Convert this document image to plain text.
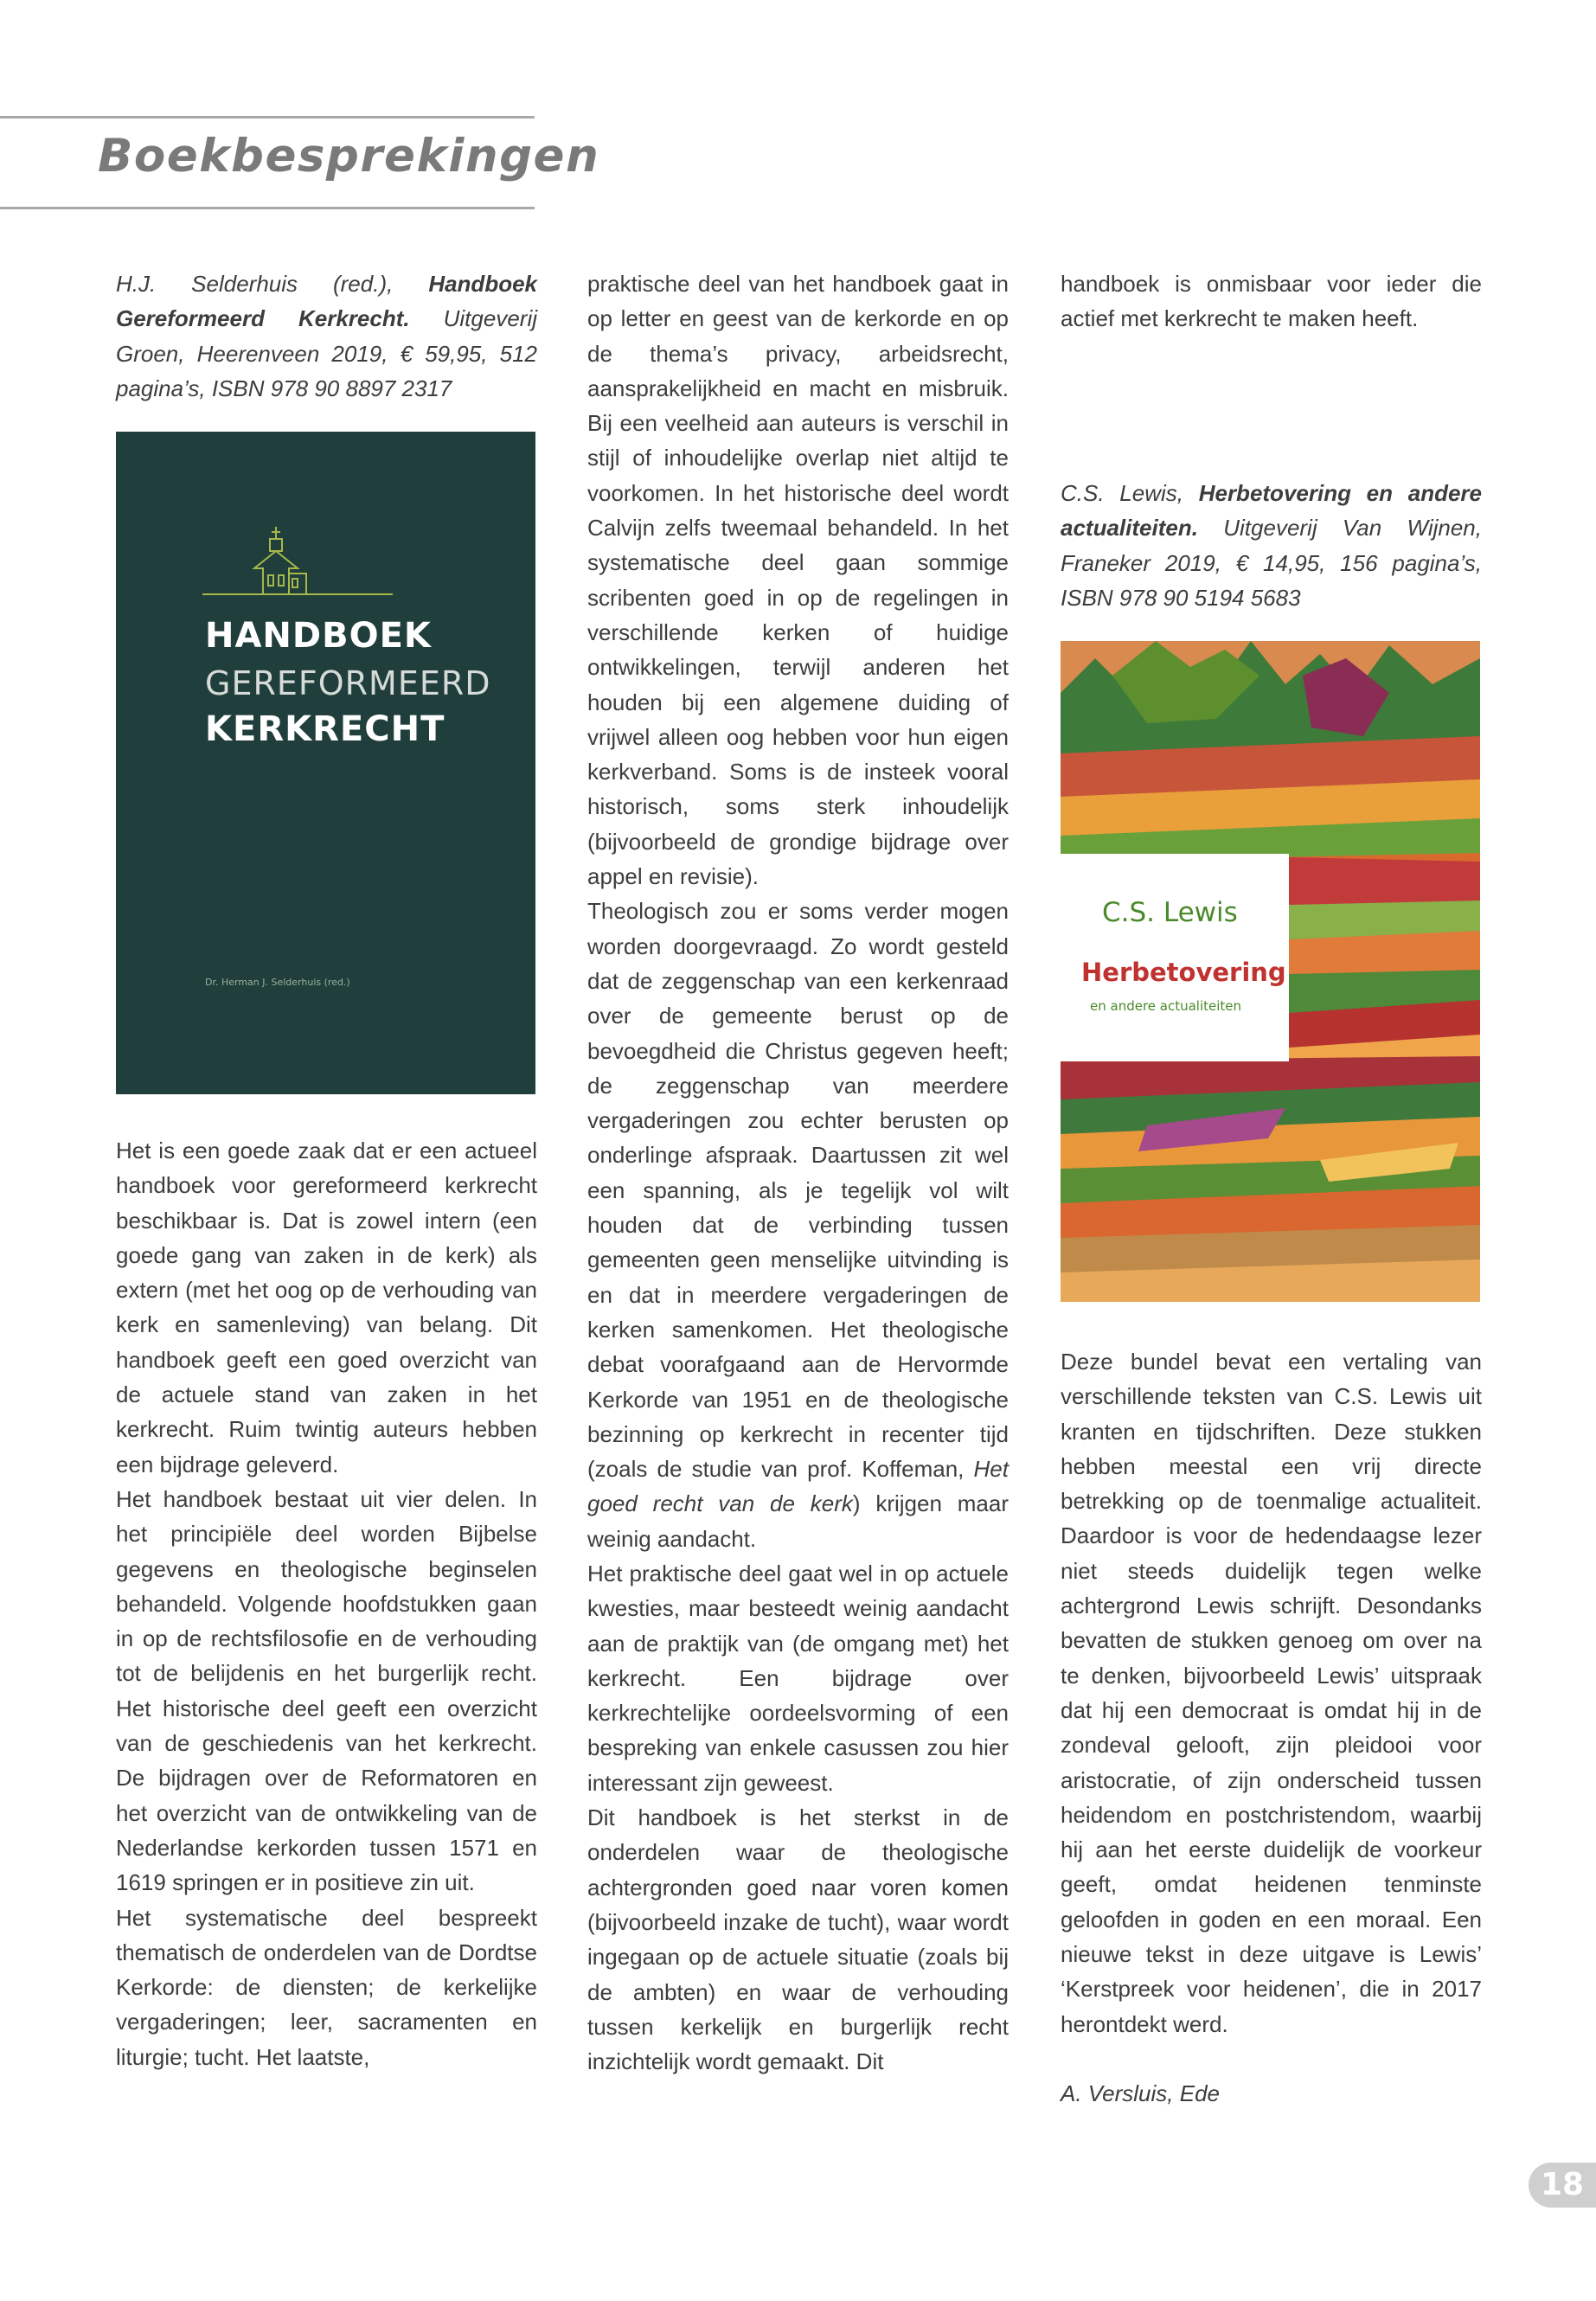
Boekbesprekingen

H.J. Selderhuis (red.), Handboek Gereformeerd Kerkrecht. Uitgeverij Groen, Heerenveen 2019, € 59,95, 512 pagina’s, ISBN 978 90 8897 2317

HANDBOEK
GEREFORMEERD
KERKRECHT
Dr. Herman J. Selderhuis (red.)

Het is een goede zaak dat er een actueel handboek voor gereformeerd kerkrecht beschikbaar is. Dat is zowel intern (een goede gang van zaken in de kerk) als extern (met het oog op de verhouding van kerk en samenleving) van belang. Dit handboek geeft een goed overzicht van de actuele stand van zaken in het kerkrecht. Ruim twintig auteurs hebben een bijdrage geleverd.

Het handboek bestaat uit vier delen. In het principiële deel worden Bijbelse gegevens en theologische beginselen behandeld. Volgende hoofdstukken gaan in op de rechtsfilosofie en de verhouding tot de belijdenis en het burgerlijk recht. Het historische deel geeft een overzicht van de geschiedenis van het kerkrecht. De bijdragen over de Reformatoren en het overzicht van de ontwikkeling van de Nederlandse kerkorden tussen 1571 en 1619 springen er in positieve zin uit.

Het systematische deel bespreekt thematisch de onderdelen van de Dordtse Kerkorde: de diensten; de kerkelijke vergaderingen; leer, sacramenten en liturgie; tucht. Het laatste,

praktische deel van het handboek gaat in op letter en geest van de kerkorde en op de thema’s privacy, arbeidsrecht, aansprakelijkheid en macht en misbruik. Bij een veelheid aan auteurs is verschil in stijl of inhoudelijke overlap niet altijd te voorkomen. In het historische deel wordt Calvijn zelfs tweemaal behandeld. In het systematische deel gaan sommige scribenten goed in op de regelingen in verschillende kerken of huidige ontwikkelingen, terwijl anderen het houden bij een algemene duiding of vrijwel alleen oog hebben voor hun eigen kerkverband. Soms is de insteek vooral historisch, soms sterk inhoudelijk (bijvoorbeeld de grondige bijdrage over appel en revisie).

Theologisch zou er soms verder mogen worden doorgevraagd. Zo wordt gesteld dat de zeggenschap van een kerkenraad over de gemeente berust op de bevoegdheid die Christus gegeven heeft; de zeggenschap van meerdere vergaderingen zou echter berusten op onderlinge afspraak. Daartussen zit wel een spanning, als je tegelijk vol wilt houden dat de verbinding tussen gemeenten geen menselijke uitvinding is en dat in meerdere vergaderingen de kerken samenkomen. Het theologische debat voorafgaand aan de Hervormde Kerkorde van 1951 en de theologische bezinning op kerkrecht in recenter tijd (zoals de studie van prof. Koffeman, Het goed recht van de kerk) krijgen maar weinig aandacht.

Het praktische deel gaat wel in op actuele kwesties, maar besteedt weinig aandacht aan de praktijk van (de omgang met) het kerkrecht. Een bijdrage over kerkrechtelijke oordeelsvorming of een bespreking van enkele casussen zou hier interessant zijn geweest.

Dit handboek is het sterkst in de onderdelen waar de theologische achtergronden goed naar voren komen (bijvoorbeeld inzake de tucht), waar wordt ingegaan op de actuele situatie (zoals bij de ambten) en waar de verhouding tussen kerkelijk en burgerlijk recht inzichtelijk wordt gemaakt. Dit

handboek is onmisbaar voor ieder die actief met kerkrecht te maken heeft.

C.S. Lewis, Herbetovering en andere actualiteiten. Uitgeverij Van Wijnen, Franeker 2019, € 14,95, 156 pagina’s, ISBN 978 90 5194 5683

C.S. Lewis
Herbetovering
en andere actualiteiten

Deze bundel bevat een vertaling van verschillende teksten van C.S. Lewis uit kranten en tijdschriften. Deze stukken hebben meestal een vrij directe betrekking op de toenmalige actualiteit. Daardoor is voor de hedendaagse lezer niet steeds duidelijk tegen welke achtergrond Lewis schrijft. Desondanks bevatten de stukken genoeg om over na te denken, bijvoorbeeld Lewis’ uitspraak dat hij een democraat is omdat hij in de zondeval gelooft, zijn pleidooi voor aristocratie, of zijn onderscheid tussen heidendom en postchristendom, waarbij hij aan het eerste duidelijk de voorkeur geeft, omdat heidenen tenminste geloofden in goden en een moraal. Een nieuwe tekst in deze uitgave is Lewis’ ‘Kerstpreek voor heidenen’, die in 2017 herontdekt werd.

A. Versluis, Ede

18
